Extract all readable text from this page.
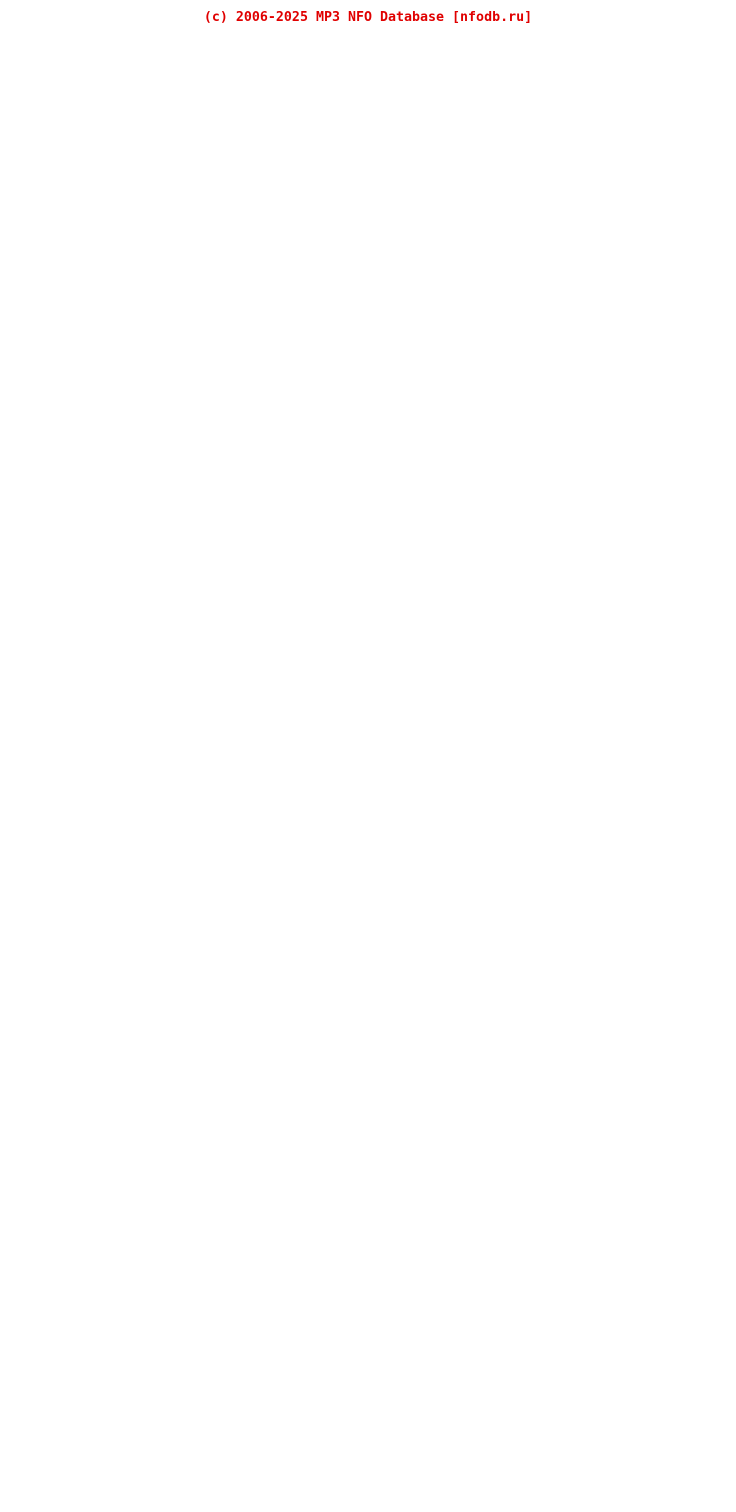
(c) 2006-2025 MP3 NFO Database [nfodb.ru]
